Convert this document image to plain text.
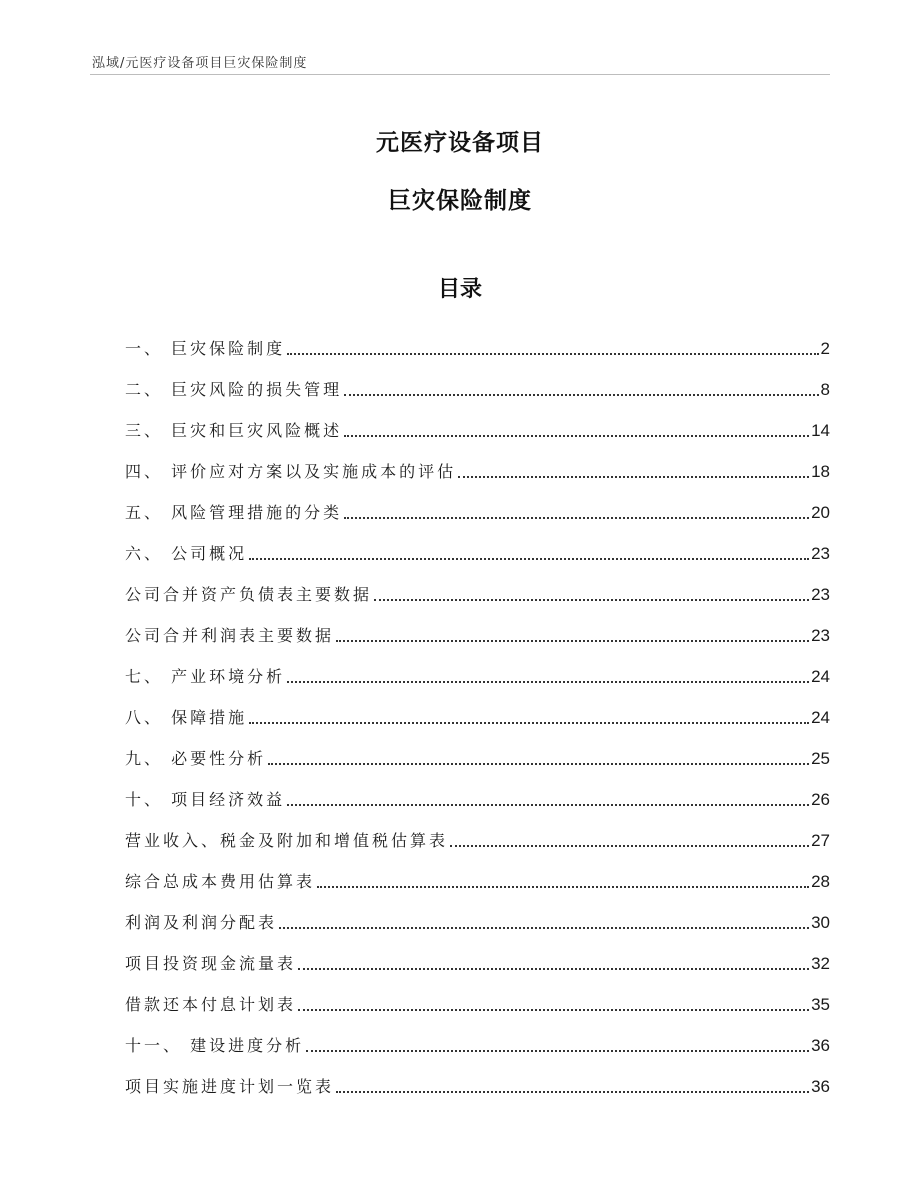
泓域/元医疗设备项目巨灾保险制度
元医疗设备项目
巨灾保险制度
目录
一、 巨灾保险制度	2
二、 巨灾风险的损失管理	8
三、 巨灾和巨灾风险概述	14
四、 评价应对方案以及实施成本的评估	18
五、 风险管理措施的分类	20
六、 公司概况	23
公司合并资产负债表主要数据	23
公司合并利润表主要数据	23
七、 产业环境分析	24
八、 保障措施	24
九、 必要性分析	25
十、 项目经济效益	26
营业收入、税金及附加和增值税估算表	27
综合总成本费用估算表	28
利润及利润分配表	30
项目投资现金流量表	32
借款还本付息计划表	35
十一、 建设进度分析	36
项目实施进度计划一览表	36
